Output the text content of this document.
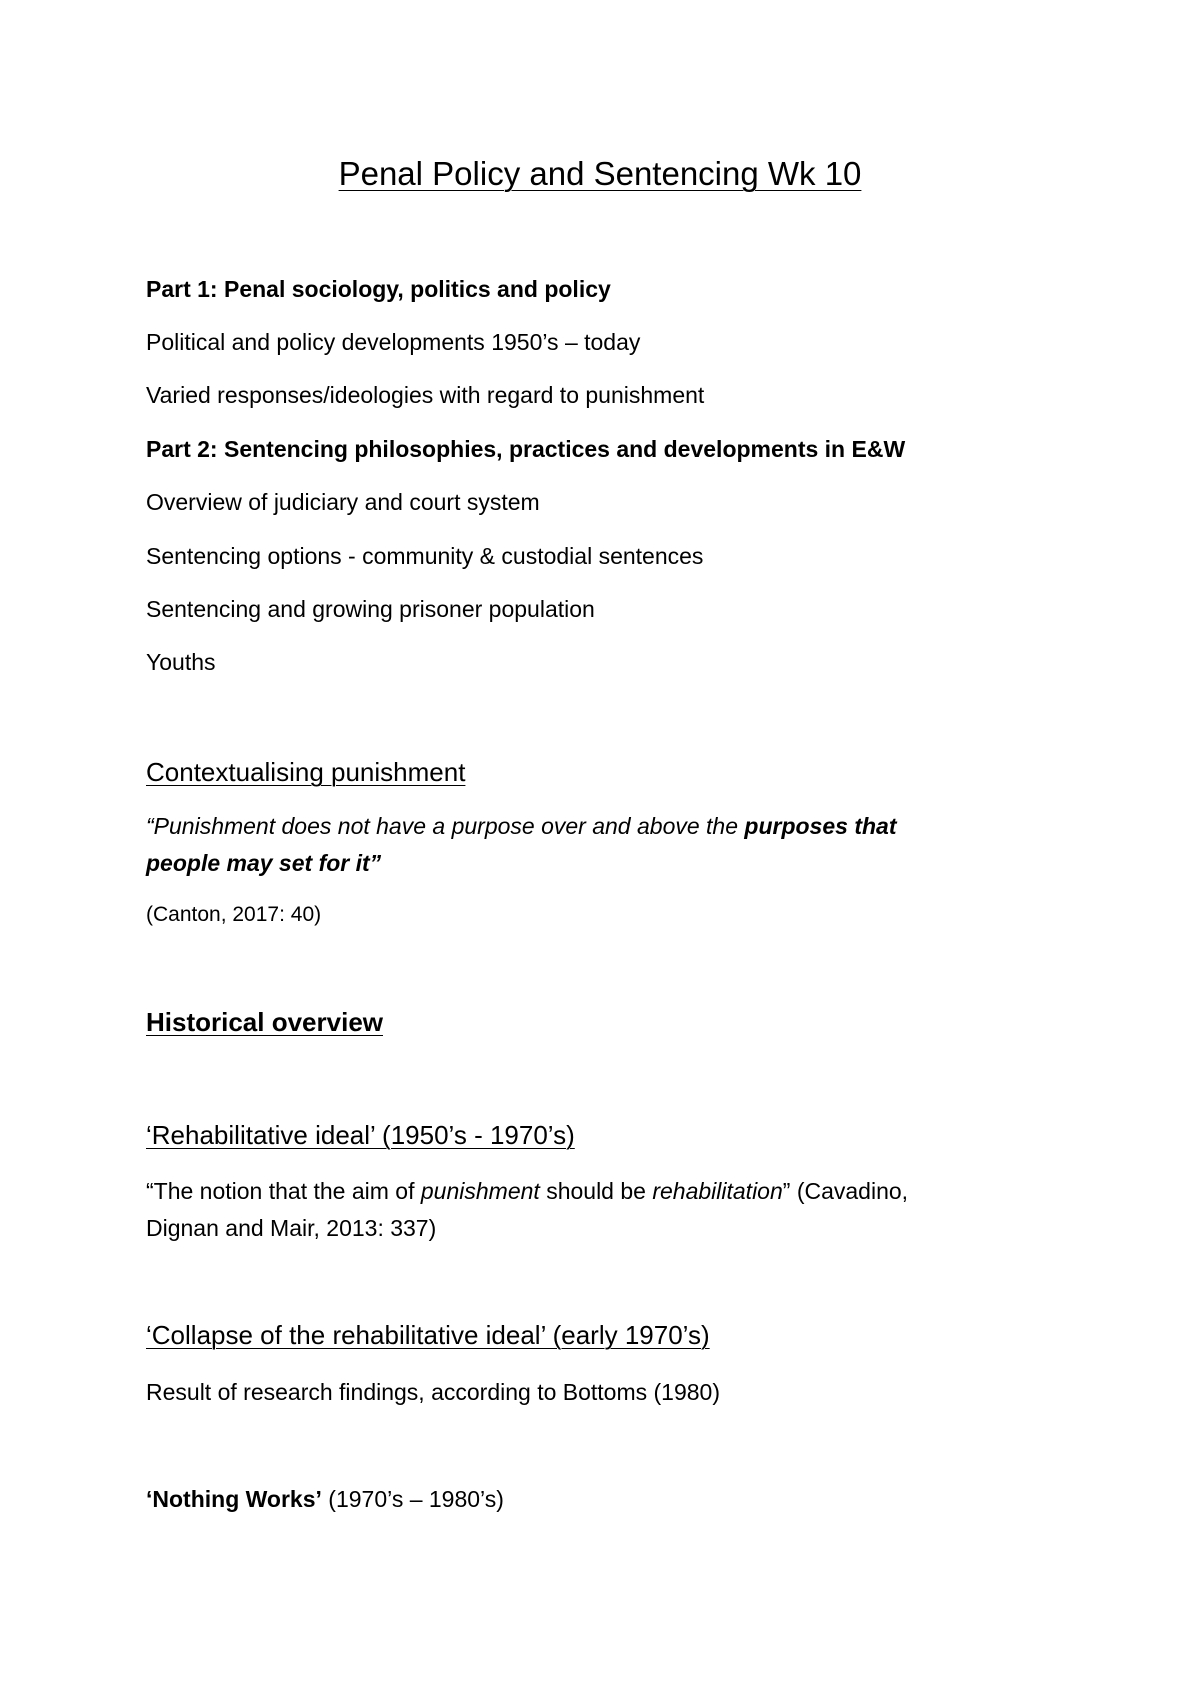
Penal Policy and Sentencing Wk 10
Part 1: Penal sociology, politics and policy
Political and policy developments 1950’s – today
Varied responses/ideologies with regard to punishment
Part 2: Sentencing philosophies, practices and developments in E&W
Overview of judiciary and court system
Sentencing options - community & custodial sentences
Sentencing and growing prisoner population
Youths
Contextualising punishment
“Punishment does not have a purpose over and above the purposes that
people may set for it”
(Canton, 2017: 40)
Historical overview
‘Rehabilitative ideal’ (1950’s - 1970’s)
“The notion that the aim of punishment should be rehabilitation” (Cavadino,
Dignan and Mair, 2013: 337)
‘Collapse of the rehabilitative ideal’ (early 1970’s)
Result of research findings, according to Bottoms (1980)
‘Nothing Works’ (1970’s – 1980’s)
